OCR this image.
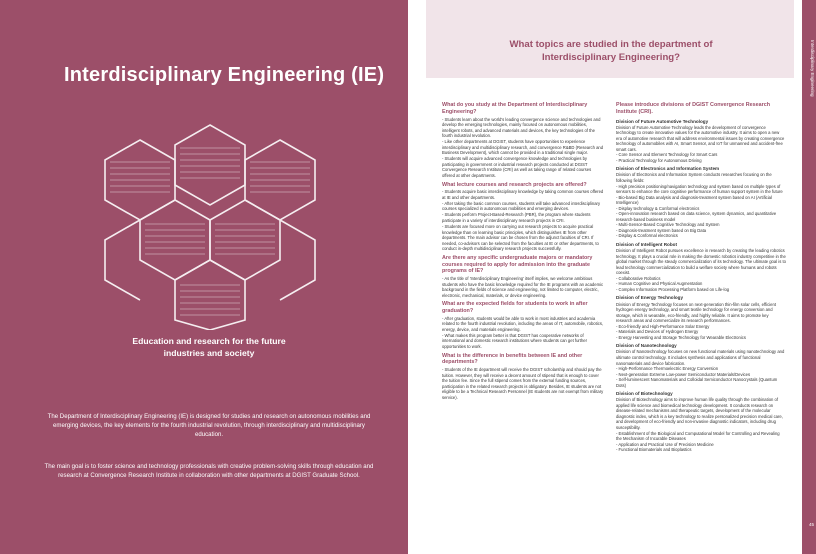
Interdisciplinary Engineering (IE)
Education and research for the future
industries and society
The Department of Interdisciplinary Engineering (IE) is designed for studies and research on autonomous mobilities and emerging devices, the key elements for the fourth industrial revolution, through interdisciplinary and multidisciplinary education.
The main goal is to foster science and technology professionals with creative problem-solving skills through education and research at Convergence Research Institute in collaboration with other departments at DGIST Graduate School.
What topics are studied in the department of Interdisciplinary Engineering?
What do you study at the Department of Interdisciplinary Engineering?
- Students learn about the world's leading convergence science and technologies and develop the emerging technologies, mainly focused on autonomous mobilities, intelligent robots, and advanced materials and devices, the key technologies of the fourth industrial revolution.
- Like other departments at DGIST, students have opportunities to experience interdisciplinary and multidisciplinary research, and convergence R&BD (Research and Business Development), which cannot be provided in a traditional single major.
- Students will acquire advanced convergence knowledge and technologies by participating in government or industrial research projects conducted at DGIST Convergence Research Institute (CRI) as well as taking range of related courses offered at other departments.
What lecture courses and research projects are offered?
- Students acquire basic interdisciplinary knowledge by taking common courses offered at IE and other departments.
- After taking the basic common courses, students will take advanced interdisciplinary courses specialized in autonomous mobilities and emerging devices.
- Students perform Project-Based-Research (PBR), the program where students participate in a variety of interdisciplinary research projects in CRI.
- Students are focused more on carrying out research projects to acquire practical knowledge than on learning basic principles, which distinguishes IE from other departments. The main advisor can be chosen from the adjunct faculties of CRI. If needed, co-advisors can be selected from the faculties at IE or other departments, to conduct in-depth multidisciplinary research projects successfully.
Are there any specific undergraduate majors or mandatory courses required to apply for admission into the graduate programs of IE?
- As the title of 'Interdisciplinary Engineering' itself implies, we welcome ambitious students who have the basic knowledge required for the IE programs with an academic background in the fields of science and engineering, not limited to computer, electric, electronic, mechanical, materials, or device engineering.
What are the expected fields for students to work in after graduation?
- After graduation, students would be able to work in most industries and academia related to the fourth industrial revolution, including the areas of IT, automobile, robotics, energy, device, and materials engineering.
- What makes this program better is that DGIST has cooperative networks of international and domestic research institutions where students can get further opportunities to work.
What is the difference in benefits between IE and other departments?
- Students of the IE department will receive the DGIST scholarship and should pay the tuition. However, they will receive a decent amount of stipend that is enough to cover the tuition fee. Since the full stipend comes from the external funding sources, participation in the related research projects is obligatory. Besides, IE students are not eligible to be a Technical Research Personnel (IE students are not exempt from military service).
Please introduce divisions of DGIST Convergence Research Institute (CRI).
Division of Future Automotive Technology
Division of Future Automotive Technology leads the development of convergence technology to create innovative values for the automotive industry. It aims to open a new era of automotive research that will address environmental issues by creating convergence technology of automobiles with AI, Smart Sensor, and IoT for unmanned and accident-free smart cars.
- Core Sensor and Element Technology for Smart Cars
- Practical Technology for Autonomous Driving
Division of Electronics and Information System
Division of Electronics and Information System conducts researches focusing on the following fields:
- High precision positioning/navigation technology and system based on multiple types of sensors to enhance the core cognitive performance of human support system in the future
- Bio-based Big Data analysis and diagnosis-treatment system based on AI (Artificial Intelligence)
- Display technology & Conformal electronics
- Open-innovation research based on data science, system dynamics, and quantitative research-based business model
- Multi-Sensor-Based Cognitive Technology and System
- Diagnosis-treatment system based on Big Data
- Display & Conformal electronics
Division of Intelligent Robot
Division of Intelligent Robot pursues excellence in research by creating the leading robotics technology. It plays a crucial role in making the domestic robotics industry competitive in the global market through the steady commercialization of its technology. The ultimate goal is to lead technology commercialization to build a welfare society where humans and robots coexist.
- Collaborative Robotics
- Human Cognitive and Physical Augmentation
- Complex Information Processing Platform based on Life-log
Division of Energy Technology
Division of Energy Technology focuses on next-generation thin-film solar cells, efficient hydrogen energy technology, and smart textile technology for energy conversion and storage, which is wearable, eco-friendly, and highly reliable. It aims to promote key research areas and commercialize its research performances.
- Eco-friendly and High-Performance Solar Energy
- Materials and Devices of Hydrogen Energy
- Energy Harvesting and Storage Technology for Wearable Electronics
Division of Nanotechnology
Division of Nanotechnology focuses on new functional materials using nanotechnology and ultimate control technology. It includes synthesis and applications of functional nanomaterials and device fabrication.
- High-Performance Thermoelectric Energy Conversion
- Next-generation Extreme Low-power Semiconductor Materials/Devices
- Self-luminescent Nanomaterials and Colloidal Semiconductor Nanocrystals (Quantum Dots)
Division of Biotechnology
Division of Biotechnology aims to improve human life quality through the combination of applied life science and biomedical technology development. It conducts research on disease-related mechanisms and therapeutic targets, development of the molecular diagnostic index, which is a key technology to realize personalized precision medical care, and development of eco-friendly and non-invasive diagnostic indicators, including drug susceptibility.
- Establishment of the Biological and Computational Model for Controlling and Revealing the Mechanism of Incurable Diseases
- Application and Practical Use of Precision Medicine
- Functional Biomaterials and Bioplastics
Interdisciplinary Engineering
45
